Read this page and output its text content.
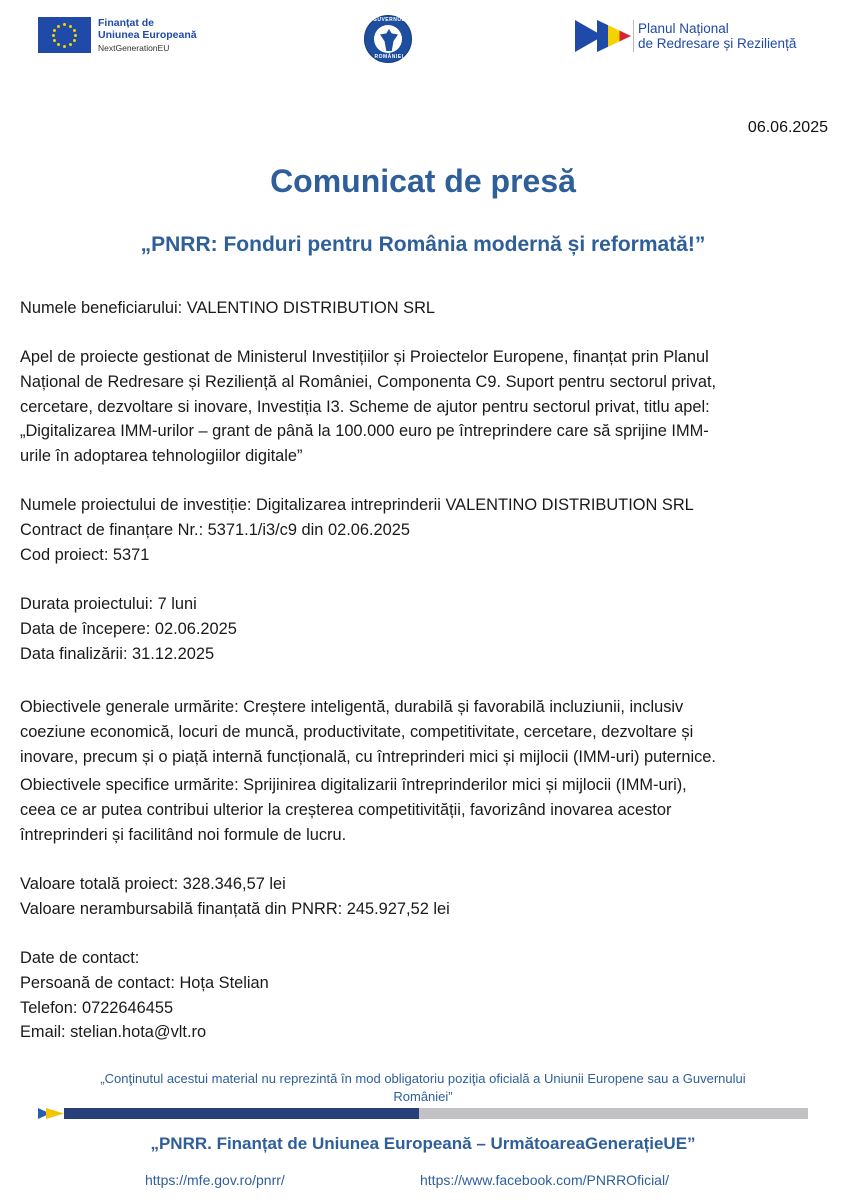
Finanțat de
Uniunea Europeană
NextGenerationEU
GUVERNUL
ROMÂNIEI
Planul Național
de Redresare și Reziliență
06.06.2025
Comunicat de presă
„PNRR: Fonduri pentru România modernă și reformată!”
Numele beneficiarului: VALENTINO DISTRIBUTION SRL
Apel de proiecte gestionat de Ministerul Investițiilor și Proiectelor Europene, finanțat prin Planul
Național de Redresare și Reziliență al României, Componenta C9. Suport pentru sectorul privat,
cercetare, dezvoltare si inovare, Investiția I3. Scheme de ajutor pentru sectorul privat, titlu apel:
„Digitalizarea IMM-urilor – grant de până la 100.000 euro pe întreprindere care să sprijine IMM-
urile în adoptarea tehnologiilor digitale”
Numele proiectului de investiție: Digitalizarea intreprinderii VALENTINO DISTRIBUTION SRL
Contract de finanțare Nr.: 5371.1/i3/c9 din 02.06.2025
Cod proiect: 5371
Durata proiectului: 7 luni
Data de începere: 02.06.2025
Data finalizării: 31.12.2025
Obiectivele generale urmărite: Creștere inteligentă, durabilă și favorabilă incluziunii, inclusiv
coeziune economică, locuri de muncă, productivitate, competitivitate, cercetare, dezvoltare și
inovare, precum și o piață internă funcțională, cu întreprinderi mici și mijlocii (IMM-uri) puternice.
Obiectivele specifice urmărite: Sprijinirea digitalizarii întreprinderilor mici și mijlocii (IMM-uri),
ceea ce ar putea contribui ulterior la creșterea competitivității, favorizând inovarea acestor
întreprinderi și facilitând noi formule de lucru.
Valoare totală proiect: 328.346,57 lei
Valoare nerambursabilă finanțată din PNRR: 245.927,52 lei
Date de contact:
Persoană de contact: Hoța Stelian
Telefon: 0722646455
Email: stelian.hota@vlt.ro
„Conţinutul acestui material nu reprezintă în mod obligatoriu poziţia oficială a Uniunii Europene sau a Guvernului
României”
„PNRR. Finanțat de Uniunea Europeană – UrmătoareaGenerațieUE”
https://mfe.gov.ro/pnrr/	https://www.facebook.com/PNRROficial/
